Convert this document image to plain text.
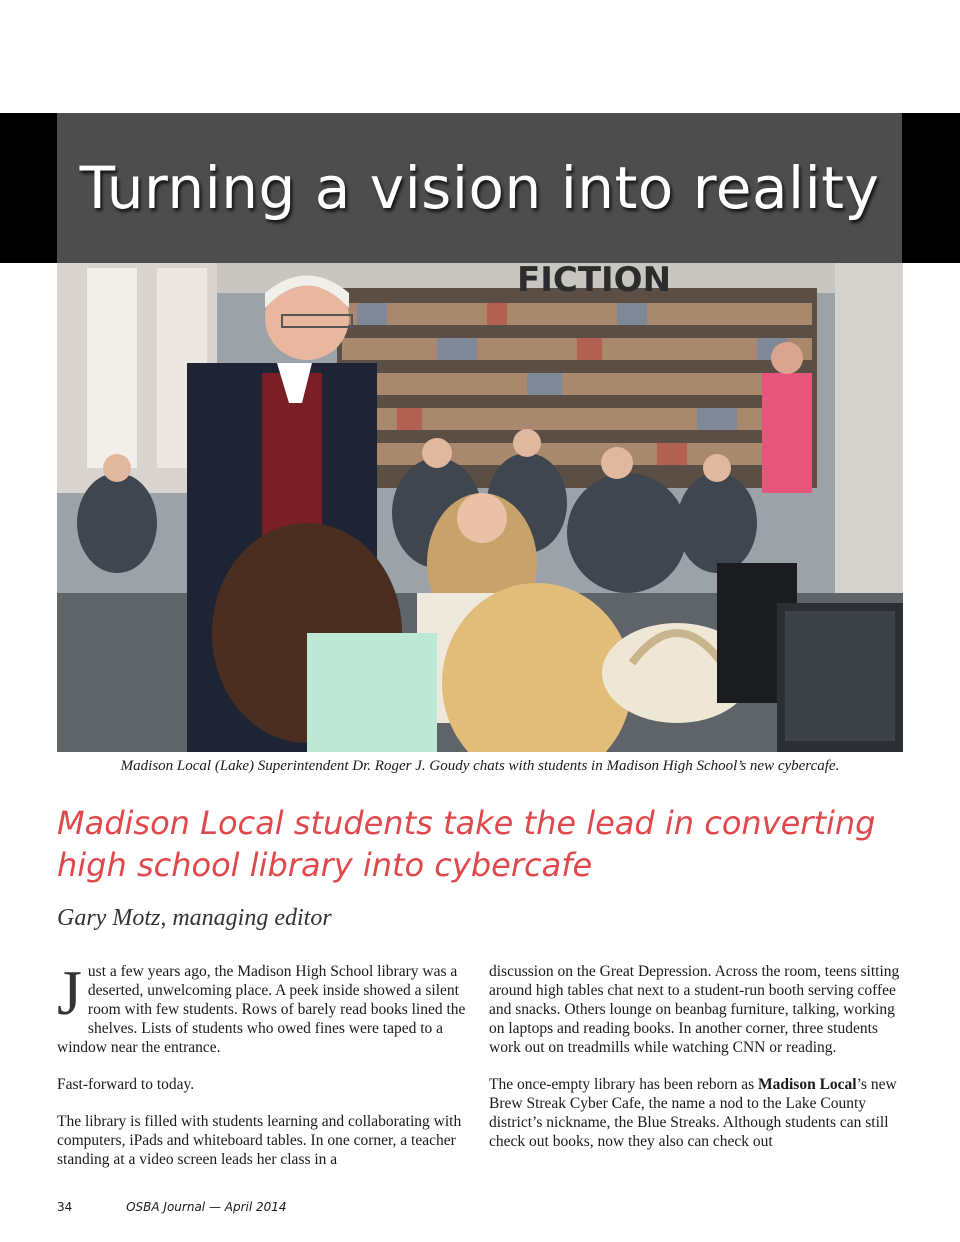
Turning a vision into reality
FICTION
Madison Local (Lake) Superintendent Dr. Roger J. Goudy chats with students in Madison High School’s new cybercafe.
Madison Local students take the lead in converting
high school library into cybercafe
Gary Motz, managing editor

Just a few years ago, the Madison High School library was a deserted, unwelcoming place. A peek inside showed a silent room with few students. Rows of barely read books lined the shelves. Lists of students who owed fines were taped to a window near the entrance.

Fast-forward to today.

The library is filled with students learning and collaborating with computers, iPads and whiteboard tables. In one corner, a teacher standing at a video screen leads her class in a

discussion on the Great Depression. Across the room, teens sitting around high tables chat next to a student-run booth serving coffee and snacks. Others lounge on beanbag furniture, talking, working on laptops and reading books. In another corner, three students work out on treadmills while watching CNN or reading.

The once-empty library has been reborn as Madison Local’s new Brew Streak Cyber Cafe, the name a nod to the Lake County district’s nickname, the Blue Streaks. Although students can still check out books, now they also can check out

34	OSBA Journal — April 2014
